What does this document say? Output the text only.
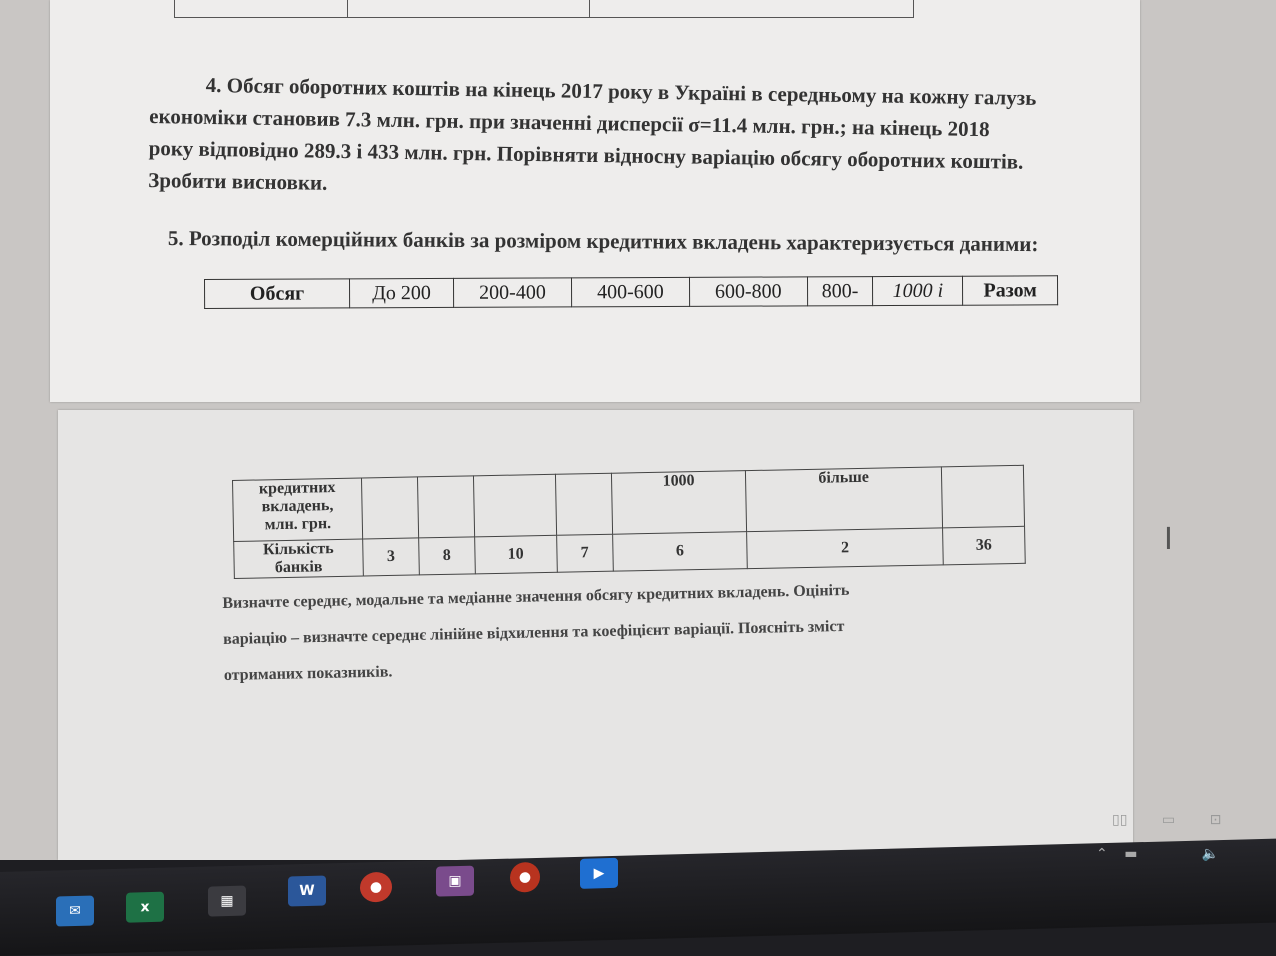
4. Обсяг оборотних коштів на кінець 2017 року в Україні в середньому на кожну галузь
економіки становив 7.3 млн. грн. при значенні дисперсії σ=11.4 млн. грн.; на кінець 2018
року відповідно 289.3 і 433 млн. грн. Порівняти відносну варіацію обсягу оборотних коштів.
Зробити висновки.
5. Розподіл комерційних банків за розміром кредитних вкладень характеризується даними:
Обсяг	До 200	200-400	400-600	600-800	800-	1000 і	Разом
кредитних
вкладень,
млн. грн.					1000	більше	

Кількість
банків	3	8	10	7	6	2	36
Визначте середнє, модальне та медіанне значення обсягу кредитних вкладень. Оцініть
варіацію – визначте середнє лінійне відхилення та коефіцієнт варіації. Поясніть зміст
отриманих показників.
I
▯▯ ▭ ⊡
✉	x	▦
W	●	▣	●	▶
⌃ ▬	🔈
